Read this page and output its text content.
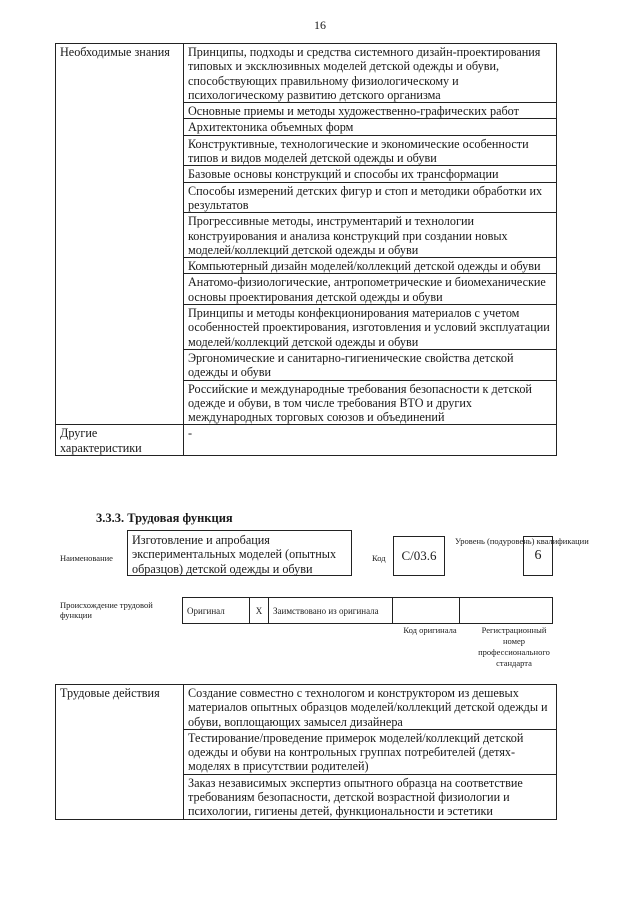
16
Необходимые знания	Принципы, подходы и средства системного дизайн-проектирования типовых и эксклюзивных моделей детской одежды и обуви, способствующих правильному физиологическому и психологическому развитию детского организма
	Основные приемы и методы художественно-графических работ
	Архитектоника объемных форм
	Конструктивные, технологические и экономические особенности типов и видов моделей детской одежды и обуви
	Базовые основы конструкций и способы их трансформации
	Способы измерений детских фигур и стоп и методики обработки их результатов
	Прогрессивные методы, инструментарий и технологии конструирования и анализа конструкций при создании новых моделей/коллекций детской одежды и обуви
	Компьютерный дизайн моделей/коллекций детской одежды и обуви
	Анатомо-физиологические, антропометрические и биомеханические основы проектирования детской одежды и обуви
	Принципы и методы конфекционирования материалов с учетом особенностей проектирования, изготовления и условий эксплуатации моделей/коллекций детской одежды и обуви
	Эргономические и санитарно-гигиенические свойства детской одежды и обуви
	Российские и международные требования безопасности к детской одежде и обуви, в том числе требования ВТО и других международных торговых союзов и объединений
Другие характеристики	-
3.3.3. Трудовая функция
Наименование
Изготовление и апробация экспериментальных моделей (опытных образцов) детской одежды и обуви
Код	С/03.6
Уровень (подуровень) квалификации
6
Происхождение трудовой функции	Оригинал	X	Заимствовано из оригинала		
Код оригинала	Регистрационный номер профессионального стандарта
Трудовые действия	Создание совместно с технологом и конструктором из дешевых материалов опытных образцов моделей/коллекций детской одежды и обуви, воплощающих замысел дизайнера
Тестирование/проведение примерок моделей/коллекций детской одежды и обуви на контрольных группах потребителей (детях-моделях в присутствии родителей)
Заказ независимых экспертиз опытного образца на соответствие требованиям безопасности, детской возрастной физиологии и психологии, гигиены детей, функциональности и эстетики
